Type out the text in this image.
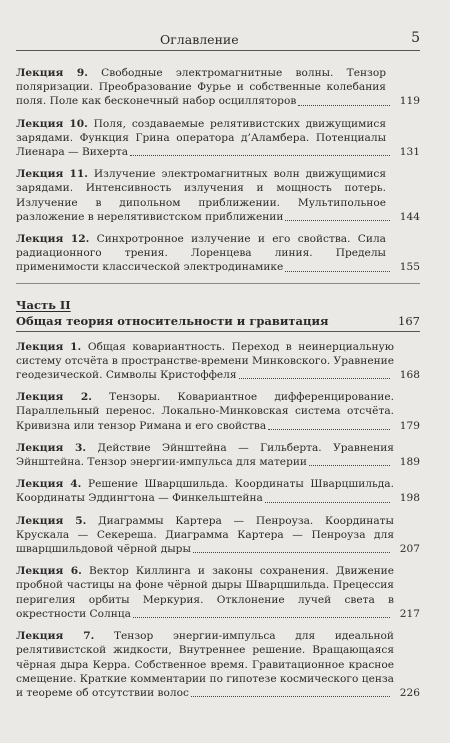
Оглавление	5
Лекция 9. Свободные электромагнитные волны. Тензор поляризации. Преобразование Фурье и собственные колебания поля. Поле как бесконечный набор осцилляторов	119
Лекция 10. Поля, создаваемые релятивистских движущимися зарядами. Функция Грина оператора д’Аламбера. Потенциалы Лиенара — Вихерта	131
Лекция 11. Излучение электромагнитных волн движущимися зарядами. Интенсивность излучения и мощность потерь. Излучение в дипольном приближении. Мультипольное разложение в нерелятивистском приближении	144
Лекция 12. Синхротронное излучение и его свойства. Сила радиационного трения. Лоренцева линия. Пределы применимости классической электродинамике	155
Часть II
Общая теория относительности и гравитация	167
Лекция 1. Общая ковариантность. Переход в неинерциальную систему отсчёта в пространстве-времени Минковского. Уравнение геодезической. Символы Кристоффеля	168
Лекция 2. Тензоры. Ковариантное дифференцирование. Параллельный перенос. Локально-Минковская система отсчёта. Кривизна или тензор Римана и его свойства	179
Лекция 3. Действие Эйнштейна — Гильберта. Уравнения Эйнштейна. Тензор энергии-импульса для материи	189
Лекция 4. Решение Шварцшильда. Координаты Шварцшильда. Координаты Эддингтона — Финкельштейна	198
Лекция 5. Диаграммы Картера — Пенроуза. Координаты Крускала — Секереша. Диаграмма Картера — Пенроуза для шварцшильдовой чёрной дыры	207
Лекция 6. Вектор Киллинга и законы сохранения. Движение пробной частицы на фоне чёрной дыры Шварцшильда. Прецессия перигелия орбиты Меркурия. Отклонение лучей света в окрестности Солнца	217
Лекция 7. Тензор энергии-импульса для идеальной релятивистской жидкости, Внутреннее решение. Вращающаяся чёрная дыра Керра. Собственное время. Гравитационное красное смещение. Краткие комментарии по гипотезе космического ценза и теореме об отсутствии волос	226
